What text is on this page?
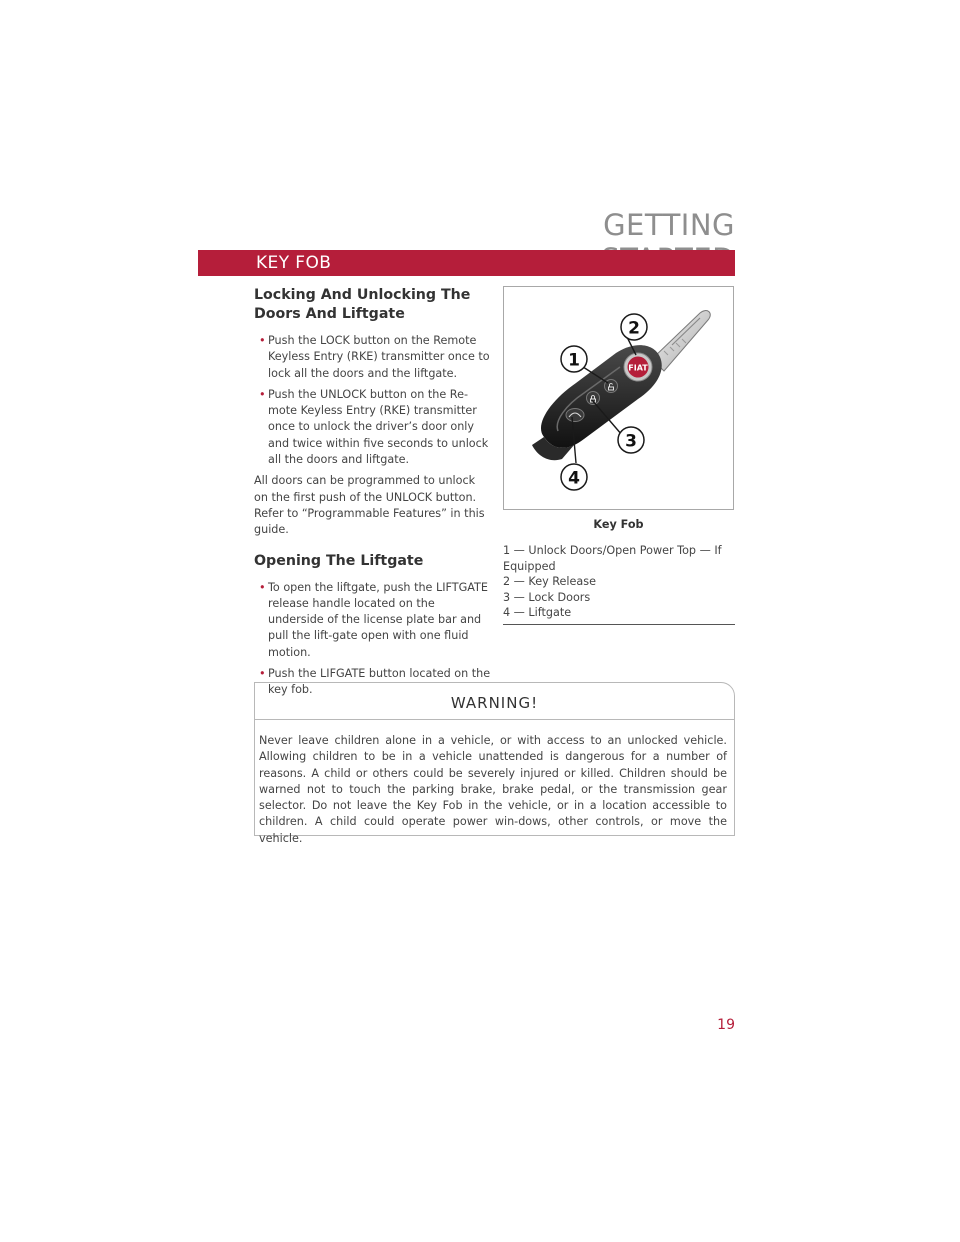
GETTING
KEY FOB
Locking And Unlocking The Doors And Liftgate
• Push the LOCK button on the Remote Keyless Entry (RKE) transmitter once to lock all the doors and the liftgate.
• Push the UNLOCK button on the Re-mote Keyless Entry (RKE) transmitter once to unlock the driver’s door only and twice within five seconds to unlock all the doors and liftgate.

All doors can be programmed to unlock on the first push of the UNLOCK button. Refer to “Programmable Features” in this guide.

Opening The Liftgate
• To open the liftgate, push the LIFTGATE release handle located on the underside of the license plate bar and pull the lift-gate open with one fluid motion.
• Push the LIFGATE button located on the key fob.
FIAT
1
2
3
4
Key Fob
1 — Unlock Doors/Open Power Top — If Equipped
2 — Key Release
3 — Lock Doors
4 — Liftgate
WARNING!
Never leave children alone in a vehicle, or with access to an unlocked vehicle. Allowing children to be in a vehicle unattended is dangerous for a number of reasons. A child or others could be severely injured or killed. Children should be warned not to touch the parking brake, brake pedal, or the transmission gear selector. Do not leave the Key Fob in the vehicle, or in a location accessible to children. A child could operate power win-dows, other controls, or move the vehicle.
19
